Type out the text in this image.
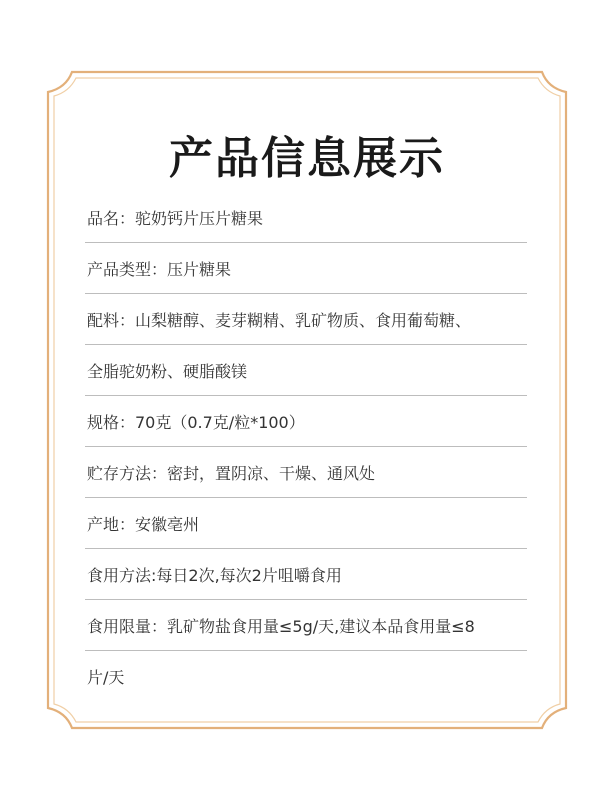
产品信息展示
品名：驼奶钙片压片糖果
产品类型：压片糖果
配料：山梨糖醇、麦芽糊精、乳矿物质、食用葡萄糖、
全脂驼奶粉、硬脂酸镁
规格：70克（0.7克/粒*100）
贮存方法：密封，置阴凉、干燥、通风处
产地：安徽亳州
食用方法:每日2次,每次2片咀嚼食用
食用限量：乳矿物盐食用量≤5g/天,建议本品食用量≤8
片/天
